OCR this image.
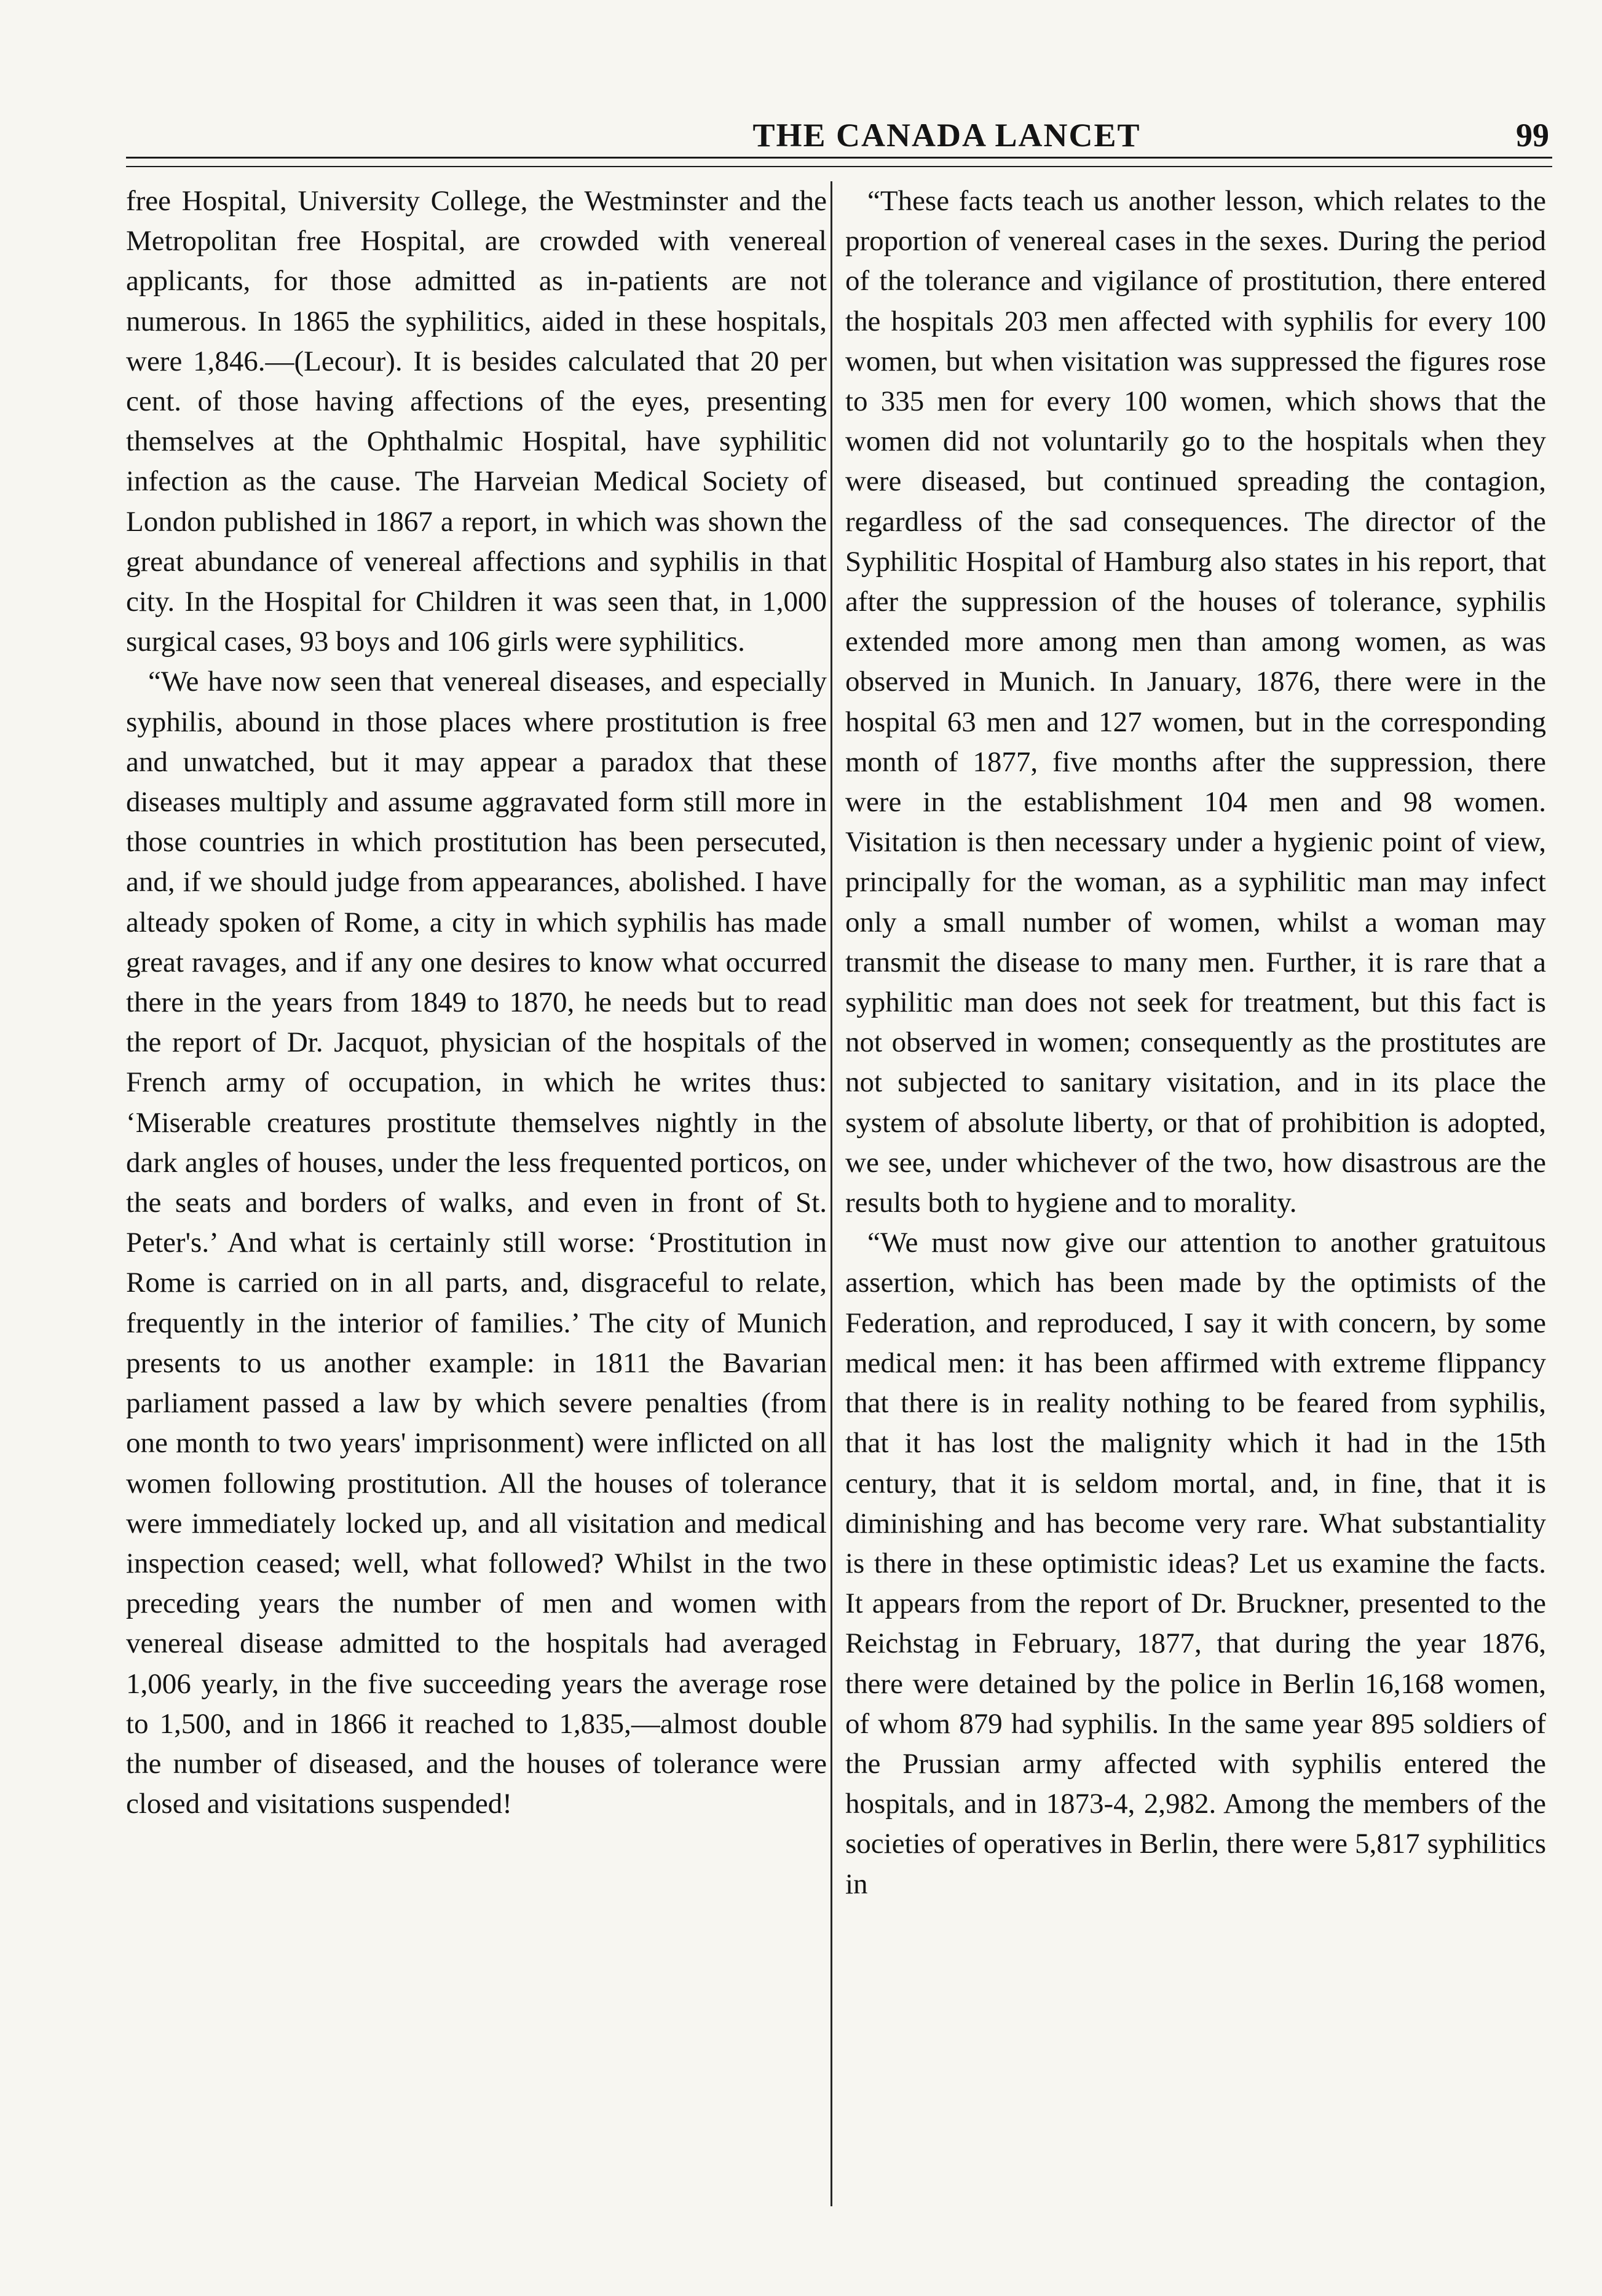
THE CANADA LANCET	99

free Hospital, University College, the Westminster and the Metropolitan free Hospital, are crowded with venereal applicants, for those admitted as in-patients are not numerous. In 1865 the syphilitics, aided in these hospitals, were 1,846.—(Lecour). It is besides calculated that 20 per cent. of those having affections of the eyes, presenting themselves at the Ophthalmic Hospital, have syphilitic infection as the cause. The Harveian Medical Society of London published in 1867 a report, in which was shown the great abundance of venereal affections and syphilis in that city. In the Hospital for Children it was seen that, in 1,000 surgical cases, 93 boys and 106 girls were syphilitics.

“We have now seen that venereal diseases, and especially syphilis, abound in those places where prostitution is free and unwatched, but it may appear a paradox that these diseases multiply and assume aggravated form still more in those countries in which prostitution has been persecuted, and, if we should judge from appearances, abolished. I have alteady spoken of Rome, a city in which syphilis has made great ravages, and if any one desires to know what occurred there in the years from 1849 to 1870, he needs but to read the report of Dr. Jacquot, physician of the hospitals of the French army of occupation, in which he writes thus: ‘Miserable creatures prostitute themselves nightly in the dark angles of houses, under the less frequented porticos, on the seats and borders of walks, and even in front of St. Peter's.’ And what is certainly still worse: ‘Prostitution in Rome is carried on in all parts, and, disgraceful to relate, frequently in the interior of families.’ The city of Munich presents to us another example: in 1811 the Bavarian parliament passed a law by which severe penalties (from one month to two years' imprisonment) were inflicted on all women following prostitution. All the houses of tolerance were immediately locked up, and all visitation and medical inspection ceased; well, what followed? Whilst in the two preceding years the number of men and women with venereal disease admitted to the hospitals had averaged 1,006 yearly, in the five succeeding years the average rose to 1,500, and in 1866 it reached to 1,835,—almost double the number of diseased, and the houses of tolerance were closed and visitations suspended!

“These facts teach us another lesson, which relates to the proportion of venereal cases in the sexes. During the period of the tolerance and vigilance of prostitution, there entered the hospitals 203 men affected with syphilis for every 100 women, but when visitation was suppressed the figures rose to 335 men for every 100 women, which shows that the women did not voluntarily go to the hospitals when they were diseased, but continued spreading the contagion, regardless of the sad consequences. The director of the Syphilitic Hospital of Hamburg also states in his report, that after the suppression of the houses of tolerance, syphilis extended more among men than among women, as was observed in Munich. In January, 1876, there were in the hospital 63 men and 127 women, but in the corresponding month of 1877, five months after the suppression, there were in the establishment 104 men and 98 women. Visitation is then necessary under a hygienic point of view, principally for the woman, as a syphilitic man may infect only a small number of women, whilst a woman may transmit the disease to many men. Further, it is rare that a syphilitic man does not seek for treatment, but this fact is not observed in women; consequently as the prostitutes are not subjected to sanitary visitation, and in its place the system of absolute liberty, or that of prohibition is adopted, we see, under whichever of the two, how disastrous are the results both to hygiene and to morality.

“We must now give our attention to another gratuitous assertion, which has been made by the optimists of the Federation, and reproduced, I say it with concern, by some medical men: it has been affirmed with extreme flippancy that there is in reality nothing to be feared from syphilis, that it has lost the malignity which it had in the 15th century, that it is seldom mortal, and, in fine, that it is diminishing and has become very rare. What substantiality is there in these optimistic ideas? Let us examine the facts. It appears from the report of Dr. Bruckner, presented to the Reichstag in February, 1877, that during the year 1876, there were detained by the police in Berlin 16,168 women, of whom 879 had syphilis. In the same year 895 soldiers of the Prussian army affected with syphilis entered the hospitals, and in 1873-4, 2,982. Among the members of the societies of operatives in Berlin, there were 5,817 syphilitics in
